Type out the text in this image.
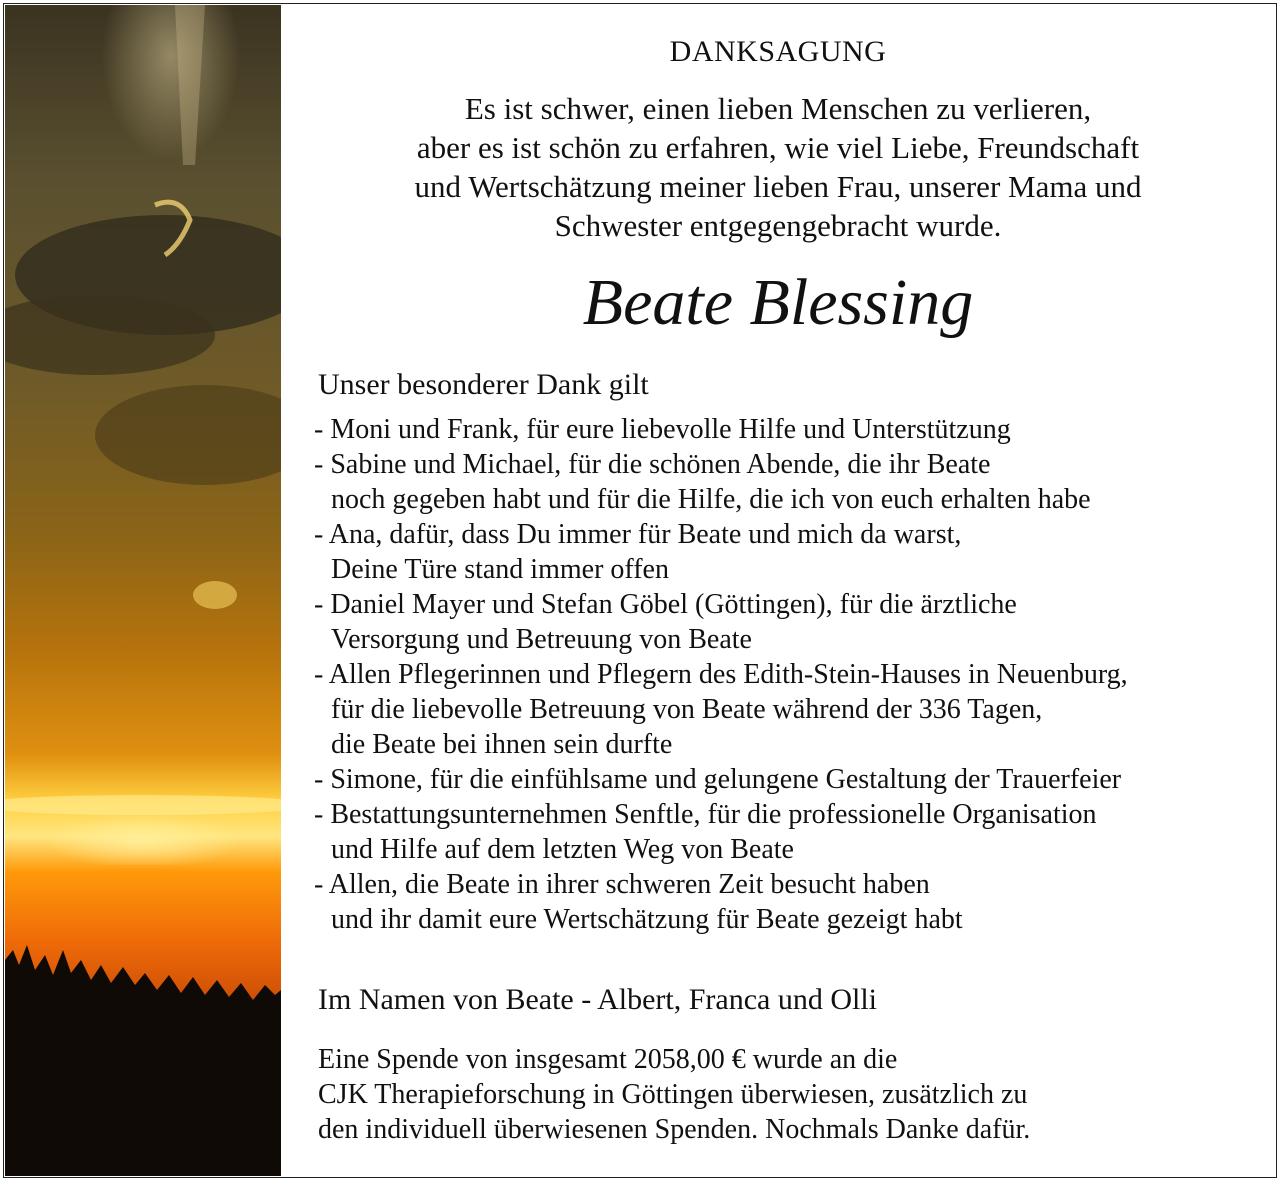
DANKSAGUNG
Es ist schwer, einen lieben Menschen zu verlieren,
aber es ist schön zu erfahren, wie viel Liebe, Freundschaft
und Wertschätzung meiner lieben Frau, unserer Mama und
Schwester entgegengebracht wurde.
Beate Blessing
Unser besonderer Dank gilt
- Moni und Frank, für eure liebevolle Hilfe und Unterstützung
- Sabine und Michael, für die schönen Abende, die ihr Beate
noch gegeben habt und für die Hilfe, die ich von euch erhalten habe
- Ana, dafür, dass Du immer für Beate und mich da warst,
Deine Türe stand immer offen
- Daniel Mayer und Stefan Göbel (Göttingen), für die ärztliche
Versorgung und Betreuung von Beate
- Allen Pflegerinnen und Pflegern des Edith-Stein-Hauses in Neuenburg,
für die liebevolle Betreuung von Beate während der 336 Tagen,
die Beate bei ihnen sein durfte
- Simone, für die einfühlsame und gelungene Gestaltung der Trauerfeier
- Bestattungsunternehmen Senftle, für die professionelle Organisation
und Hilfe auf dem letzten Weg von Beate
- Allen, die Beate in ihrer schweren Zeit besucht haben
und ihr damit eure Wertschätzung für Beate gezeigt habt
Im Namen von Beate - Albert, Franca und Olli
Eine Spende von insgesamt 2058,00 € wurde an die
CJK Therapieforschung in Göttingen überwiesen, zusätzlich zu
den individuell überwiesenen Spenden. Nochmals Danke dafür.
